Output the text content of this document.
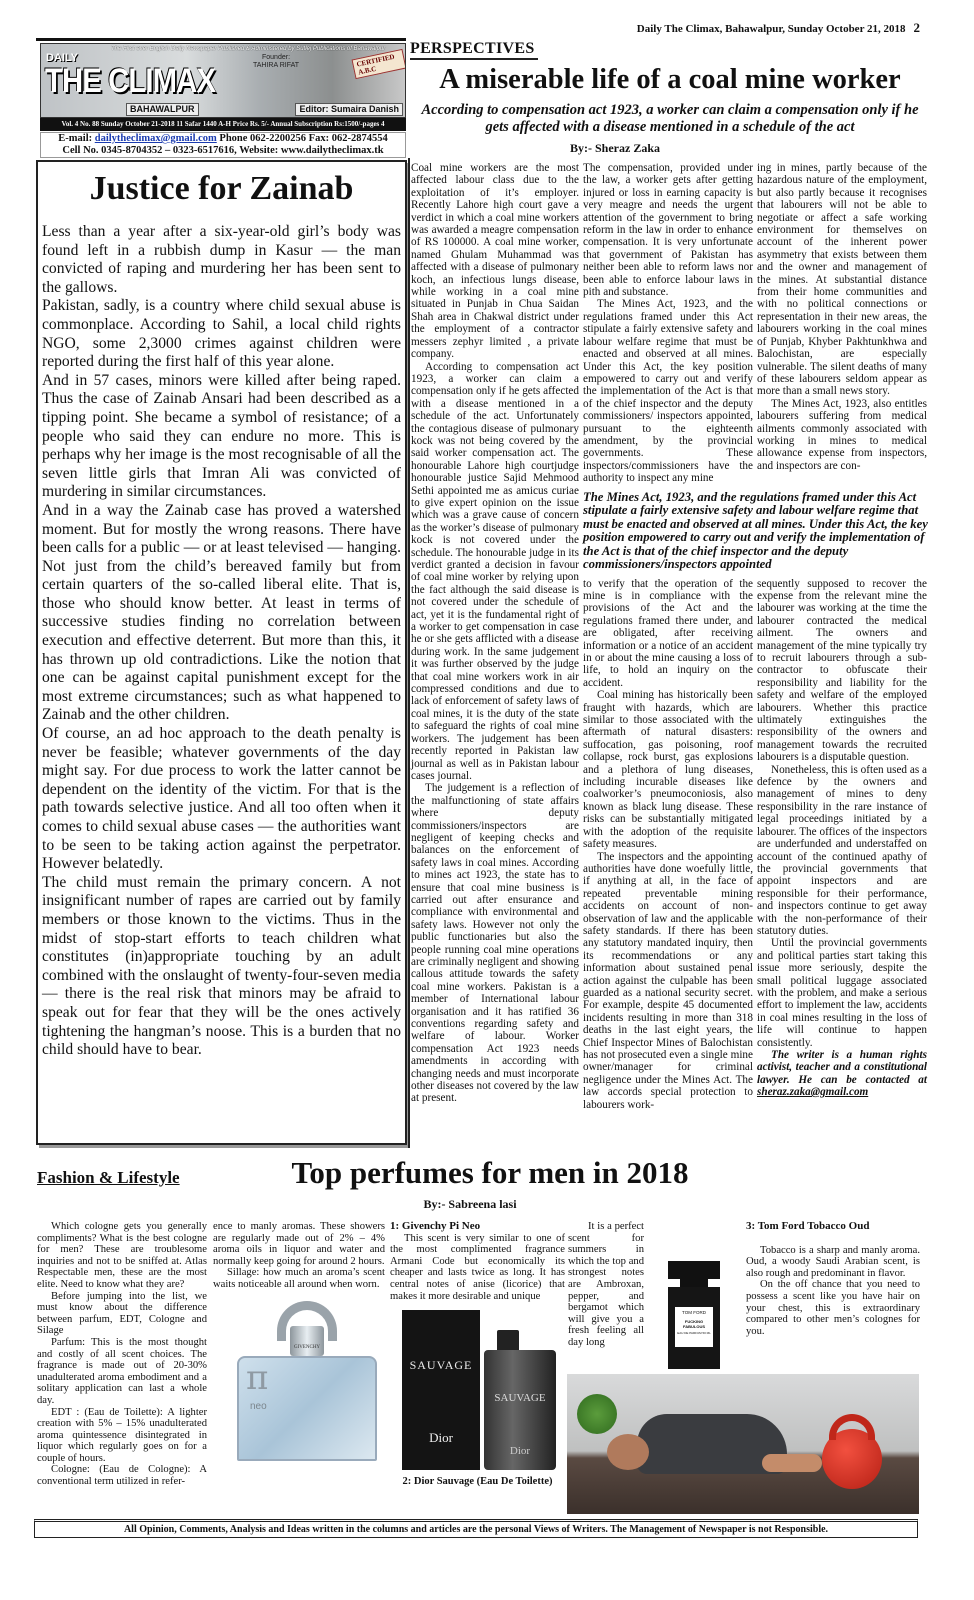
Daily The Climax, Bahawalpur, Sunday October 21, 2018 2
The First ever English Daily Newspaper Published & Administered by Sutlej Publications of Bahawalpur
DAILY
THE CLIMAX
BAHAWALPUR
Founder:
TAHIRA RIFAT	CERTIFIED A.B.C
Editor: Sumaira Danish
Vol. 4 No. 88 Sunday October 21-2018 11 Safar 1440 A-H Price Rs. 5/- Annual Subscription Rs:1500/-pages 4
E-mail: dailytheclimax@gmail.com Phone 062-2200256 Fax: 062-2874554
Cell No. 0345-8704352 – 0323-6517616, Website: www.dailytheclimax.tk
Justice for Zainab

Less than a year after a six-year-old girl’s body was found left in a rubbish dump in Kasur — the man convicted of raping and murdering her has been sent to the gallows.

Pakistan, sadly, is a country where child sexual abuse is commonplace. According to Sahil, a local child rights NGO, some 2,3000 crimes against children were reported during the first half of this year alone.

And in 57 cases, minors were killed after being raped. Thus the case of Zainab Ansari had been described as a tipping point. She became a symbol of resistance; of a people who said they can endure no more. This is perhaps why her image is the most recognisable of all the seven little girls that Imran Ali was convicted of murdering in similar circumstances.

And in a way the Zainab case has proved a watershed moment. But for mostly the wrong reasons. There have been calls for a public — or at least televised — hanging. Not just from the child’s bereaved family but from certain quarters of the so-called liberal elite. That is, those who should know better. At least in terms of successive studies finding no correlation between execution and effective deterrent. But more than this, it has thrown up old contradictions. Like the notion that one can be against capital punishment except for the most extreme circumstances; such as what happened to Zainab and the other children.

Of course, an ad hoc approach to the death penalty is never be feasible; whatever governments of the day might say. For due process to work the latter cannot be dependent on the identity of the victim. For that is the path towards selective justice. And all too often when it comes to child sexual abuse cases — the authorities want to be seen to be taking action against the perpetrator. However belatedly.

The child must remain the primary concern. A not insignificant number of rapes are carried out by family members or those known to the victims. Thus in the midst of stop-start efforts to teach children what constitutes (in)appropriate touching by an adult combined with the onslaught of twenty-four-seven media — there is the real risk that minors may be afraid to speak out for fear that they will be the ones actively tightening the hangman’s noose. This is a burden that no child should have to bear.

PERSPECTIVES
A miserable life of a coal mine worker
According to compensation act 1923, a worker can claim a compensation only if he gets affected with a disease mentioned in a schedule of the act
By:- Sheraz Zaka

Coal mine workers are the most affected labour class due to the exploitation of it’s employer. Recently Lahore high court gave a verdict in which a coal mine workers was awarded a meagre compensation of RS 100000. A coal mine worker, named Ghulam Muhammad was affected with a disease of pulmonary koch, an infectious lungs disease, while working in a coal mine situated in Punjab in Chua Saidan Shah area in Chakwal district under the employment of a contractor messers zephyr limited , a private company.

According to compensation act 1923, a worker can claim a compensation only if he gets affected with a disease mentioned in a schedule of the act. Unfortunately the contagious disease of pulmonary kock was not being covered by the said worker compensation act. The honourable Lahore high courtjudge honourable justice Sajid Mehmood Sethi appointed me as amicus curiae to give expert opinion on the issue which was a grave cause of concern as the worker’s disease of pulmonary kock is not covered under the schedule. The honourable judge in its verdict granted a decision in favour of coal mine worker by relying upon the fact although the said disease is not covered under the schedule of act, yet it is the fundamental right of a worker to get compensation in case he or she gets afflicted with a disease during work. In the same judgement it was further observed by the judge that coal mine workers work in air compressed conditions and due to lack of enforcement of safety laws of coal mines, it is the duty of the state to safeguard the rights of coal mine workers. The judgement has been recently reported in Pakistan law journal as well as in Pakistan labour cases journal.

The judgement is a reflection of the malfunctioning of state affairs where deputy commissioners/inspectors are negligent of keeping checks and balances on the enforcement of safety laws in coal mines. According to mines act 1923, the state has to ensure that coal mine business is carried out after ensurance and compliance with environmental and safety laws. However not only the public functionaries but also the people running coal mine operations are criminally negligent and showing callous attitude towards the safety coal mine workers. Pakistan is a member of International labour organisation and it has ratified 36 conventions regarding safety and welfare of labour. Worker compensation Act 1923 needs amendments in according with changing needs and must incorporate other diseases not covered by the law at present.

The compensation, provided under the law, a worker gets after getting injured or loss in earning capacity is very meagre and needs the urgent attention of the government to bring reform in the law in order to enhance compensation. It is very unfortunate that government of Pakistan has neither been able to reform laws nor been able to enforce labour laws in pith and substance.

The Mines Act, 1923, and the regulations framed under this Act stipulate a fairly extensive safety and labour welfare regime that must be enacted and observed at all mines. Under this Act, the key position empowered to carry out and verify the implementation of the Act is that of the chief inspector and the deputy commissioners/ inspectors appointed, pursuant to the eighteenth amendment, by the provincial governments. These inspectors/commissioners have the authority to inspect any mine

ing in mines, partly because of the hazardous nature of the employment, but also partly because it recognises that labourers will not be able to negotiate or affect a safe working environment for themselves on account of the inherent power asymmetry that exists between them and the owner and management of the mines. At substantial distance from their home communities and with no political connections or representation in their new areas, the labourers working in the coal mines of Punjab, Khyber Pakhtunkhwa and Balochistan, are especially vulnerable. The silent deaths of many of these labourers seldom appear as more than a small news story.

The Mines Act, 1923, also entitles labourers suffering from medical ailments commonly associated with working in mines to medical allowance expense from inspectors, and inspectors are con-

The Mines Act, 1923, and the regulations framed under this Act stipulate a fairly extensive safety and labour welfare regime that must be enacted and observed at all mines. Under this Act, the key position empowered to carry out and verify the implementation of the Act is that of the chief inspector and the deputy commissioners/inspectors appointed

to verify that the operation of the mine is in compliance with the provisions of the Act and the regulations framed there under, and are obligated, after receiving information or a notice of an accident in or about the mine causing a loss of life, to hold an inquiry on the accident.

Coal mining has historically been fraught with hazards, which are similar to those associated with the aftermath of natural disasters: suffocation, gas poisoning, roof collapse, rock burst, gas explosions and a plethora of lung diseases, including incurable diseases like coalworker’s pneumoconiosis, also known as black lung disease. These risks can be substantially mitigated with the adoption of the requisite safety measures.

The inspectors and the appointing authorities have done woefully little, if anything at all, in the face of repeated preventable mining accidents on account of non-observation of law and the applicable safety standards. If there has been any statutory mandated inquiry, then its recommendations or any information about sustained penal action against the culpable has been guarded as a national security secret. For example, despite 45 documented incidents resulting in more than 318 deaths in the last eight years, the Chief Inspector Mines of Balochistan has not prosecuted even a single mine owner/manager for criminal negligence under the Mines Act. The law accords special protection to labourers work-

sequently supposed to recover the expense from the relevant mine the labourer was working at the time the labourer contracted the medical ailment. The owners and management of the mine typically try to recruit labourers through a sub-contractor to obfuscate their responsibility and liability for the safety and welfare of the employed labourers. Whether this practice ultimately extinguishes the responsibility of the owners and management towards the recruited labourers is a disputable question.

Nonetheless, this is often used as a defence by the owners and management of mines to deny responsibility in the rare instance of legal proceedings initiated by a labourer. The offices of the inspectors are underfunded and understaffed on account of the continued apathy of the provincial governments that appoint inspectors and are responsible for their performance, and inspectors continue to get away with the non-performance of their statutory duties.

Until the provincial governments and political parties start taking this issue more seriously, despite the small political luggage associated with the problem, and make a serious effort to implement the law, accidents in coal mines resulting in the loss of life will continue to happen consistently.

The writer is a human rights activist, teacher and a constitutional lawyer. He can be contacted at sheraz.zaka@gmail.com

Fashion & Lifestyle	Top perfumes for men in 2018
By:- Sabreena lasi

Which cologne gets you generally compliments? What is the best cologne for men? These are troublesome inquiries and not to be sniffed at. Atlas Respectable men, these are the most elite. Need to know what they are?

Before jumping into the list, we must know about the difference between parfum, EDT, Cologne and Silage

Parfum: This is the most thought and costly of all scent choices. The fragrance is made out of 20-30% unadulterated aroma embodiment and a solitary application can last a whole day.

EDT : (Eau de Toilette): A lighter creation with 5% – 15% unadulterated aroma quintessence disintegrated in liquor which regularly goes on for a couple of hours.

Cologne: (Eau de Cologne): A conventional term utilized in refer-

ence to manly aromas. These showers are regularly made out of 2% – 4% aroma oils in liquor and water and normally keep going for around 2 hours.

Sillage: how much an aroma’s scent waits noticeable all around when worn.

GIVENCHY
π
neo
1: Givenchy Pi Neo

This scent is very similar to one of the most complimented fragrance Armani Code but economically its cheaper and lasts twice as long. It has central notes of anise (licorice) that makes it more desirable and unique

SAUVAGE
Dior
SAUVAGE
Dior
2: Dior Sauvage (Eau De Toilette)

It is a perfect scent for summers in which the top and strongest notes are Ambroxan, pepper, and bergamot which will give you a fresh feeling all day long

TOM FORD
FUCKING FABULOUS
EAU DE PARFUM 50 ML
3: Tom Ford Tobacco Oud

Tobacco is a sharp and manly aroma. Oud, a woody Saudi Arabian scent, is also rough and predominant in flavor.

On the off chance that you need to possess a scent like you have hair on your chest, this is extraordinary compared to other men’s colognes for you.

All Opinion, Comments, Analysis and Ideas written in the columns and articles are the personal Views of Writers. The Management of Newspaper is not Responsible.
